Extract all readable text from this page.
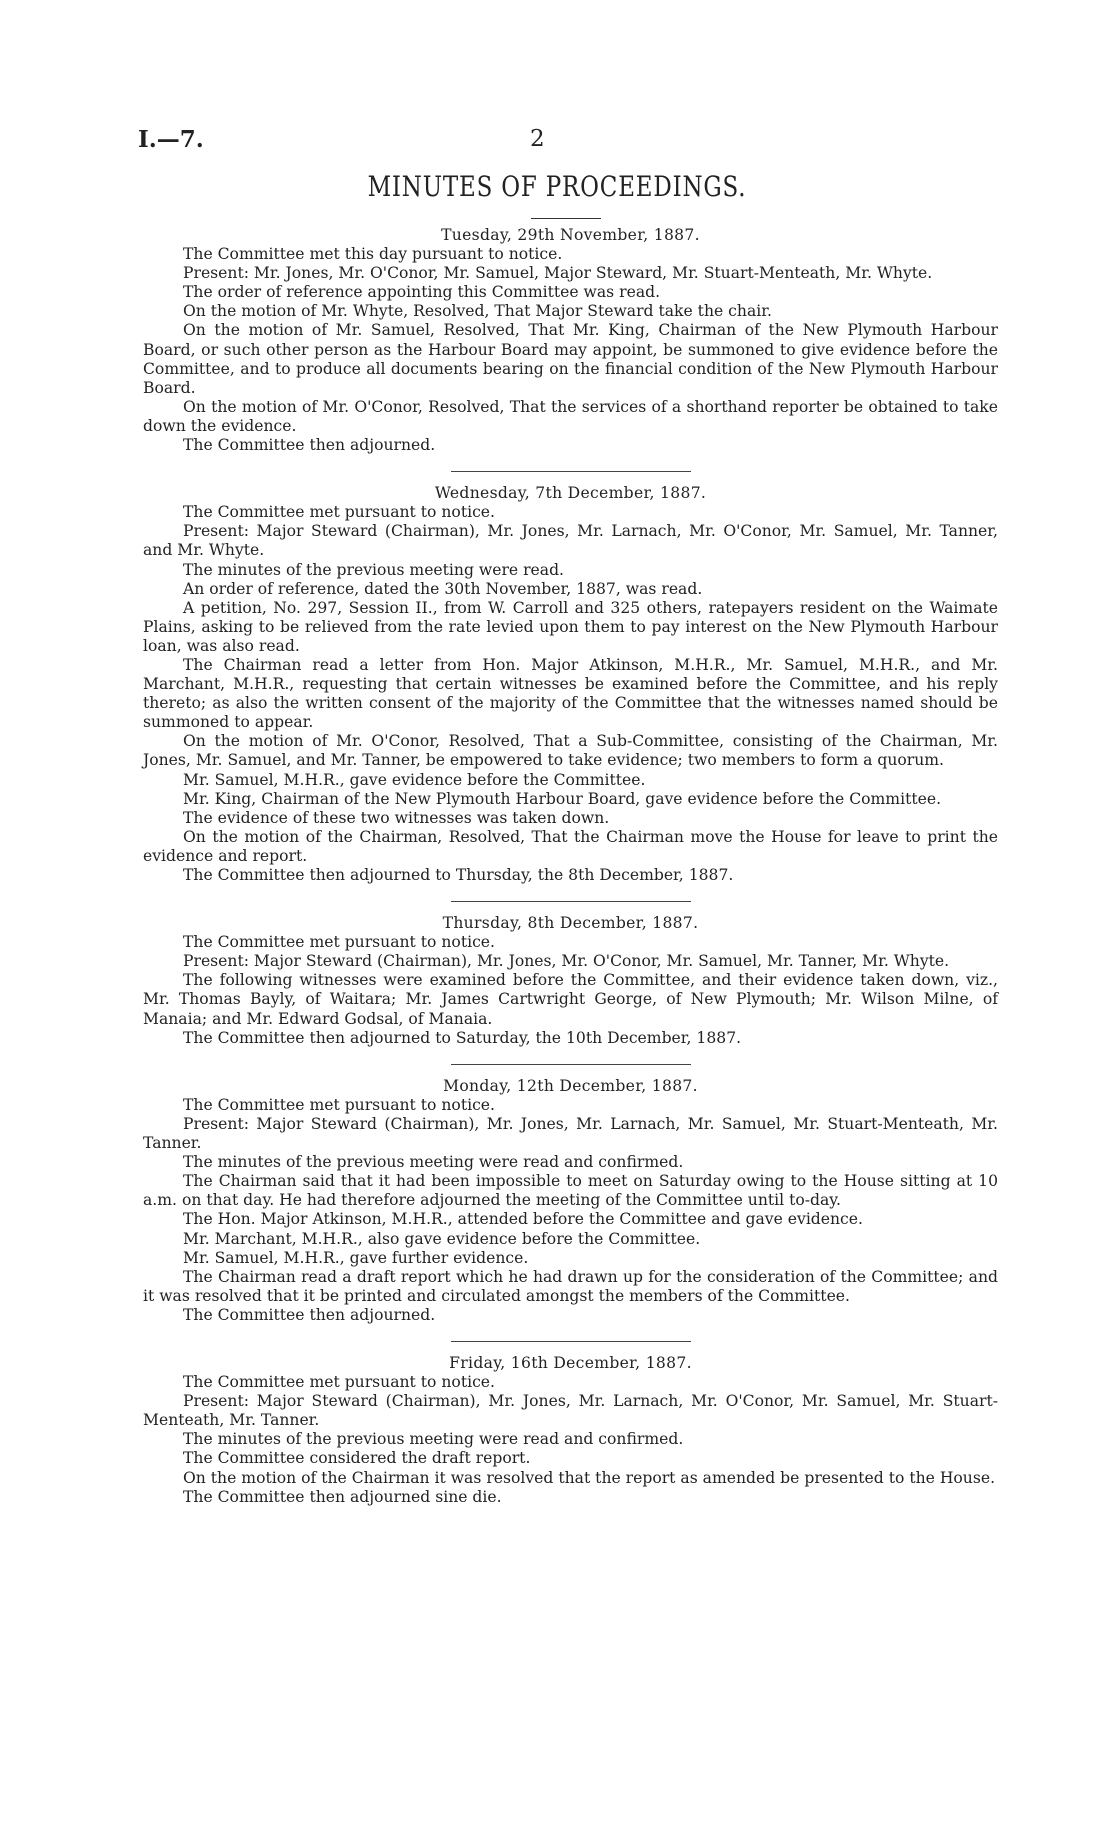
I.—7.	2
MINUTES OF PROCEEDINGS.
Tuesday, 29th November, 1887.

The Committee met this day pursuant to notice.

Present: Mr. Jones, Mr. O'Conor, Mr. Samuel, Major Steward, Mr. Stuart-Menteath, Mr. Whyte.

The order of reference appointing this Committee was read.

On the motion of Mr. Whyte, Resolved, That Major Steward take the chair.

On the motion of Mr. Samuel, Resolved, That Mr. King, Chairman of the New Plymouth Harbour Board, or such other person as the Harbour Board may appoint, be summoned to give evidence before the Committee, and to produce all documents bearing on the financial condition of the New Plymouth Harbour Board.

On the motion of Mr. O'Conor, Resolved, That the services of a shorthand reporter be obtained to take down the evidence.

The Committee then adjourned.

Wednesday, 7th December, 1887.

The Committee met pursuant to notice.

Present: Major Steward (Chairman), Mr. Jones, Mr. Larnach, Mr. O'Conor, Mr. Samuel, Mr. Tanner, and Mr. Whyte.

The minutes of the previous meeting were read.

An order of reference, dated the 30th November, 1887, was read.

A petition, No. 297, Session II., from W. Carroll and 325 others, ratepayers resident on the Waimate Plains, asking to be relieved from the rate levied upon them to pay interest on the New Plymouth Harbour loan, was also read.

The Chairman read a letter from Hon. Major Atkinson, M.H.R., Mr. Samuel, M.H.R., and Mr. Marchant, M.H.R., requesting that certain witnesses be examined before the Committee, and his reply thereto; as also the written consent of the majority of the Committee that the witnesses named should be summoned to appear.

On the motion of Mr. O'Conor, Resolved, That a Sub-Committee, consisting of the Chairman, Mr. Jones, Mr. Samuel, and Mr. Tanner, be empowered to take evidence; two members to form a quorum.

Mr. Samuel, M.H.R., gave evidence before the Committee.

Mr. King, Chairman of the New Plymouth Harbour Board, gave evidence before the Committee.

The evidence of these two witnesses was taken down.

On the motion of the Chairman, Resolved, That the Chairman move the House for leave to print the evidence and report.

The Committee then adjourned to Thursday, the 8th December, 1887.

Thursday, 8th December, 1887.

The Committee met pursuant to notice.

Present: Major Steward (Chairman), Mr. Jones, Mr. O'Conor, Mr. Samuel, Mr. Tanner, Mr. Whyte.

The following witnesses were examined before the Committee, and their evidence taken down, viz., Mr. Thomas Bayly, of Waitara; Mr. James Cartwright George, of New Plymouth; Mr. Wilson Milne, of Manaia; and Mr. Edward Godsal, of Manaia.

The Committee then adjourned to Saturday, the 10th December, 1887.

Monday, 12th December, 1887.

The Committee met pursuant to notice.

Present: Major Steward (Chairman), Mr. Jones, Mr. Larnach, Mr. Samuel, Mr. Stuart-Menteath, Mr. Tanner.

The minutes of the previous meeting were read and confirmed.

The Chairman said that it had been impossible to meet on Saturday owing to the House sitting at 10 a.m. on that day. He had therefore adjourned the meeting of the Committee until to-day.

The Hon. Major Atkinson, M.H.R., attended before the Committee and gave evidence.

Mr. Marchant, M.H.R., also gave evidence before the Committee.

Mr. Samuel, M.H.R., gave further evidence.

The Chairman read a draft report which he had drawn up for the consideration of the Committee; and it was resolved that it be printed and circulated amongst the members of the Committee.

The Committee then adjourned.

Friday, 16th December, 1887.

The Committee met pursuant to notice.

Present: Major Steward (Chairman), Mr. Jones, Mr. Larnach, Mr. O'Conor, Mr. Samuel, Mr. Stuart-Menteath, Mr. Tanner.

The minutes of the previous meeting were read and confirmed.

The Committee considered the draft report.

On the motion of the Chairman it was resolved that the report as amended be presented to the House.

The Committee then adjourned sine die.
